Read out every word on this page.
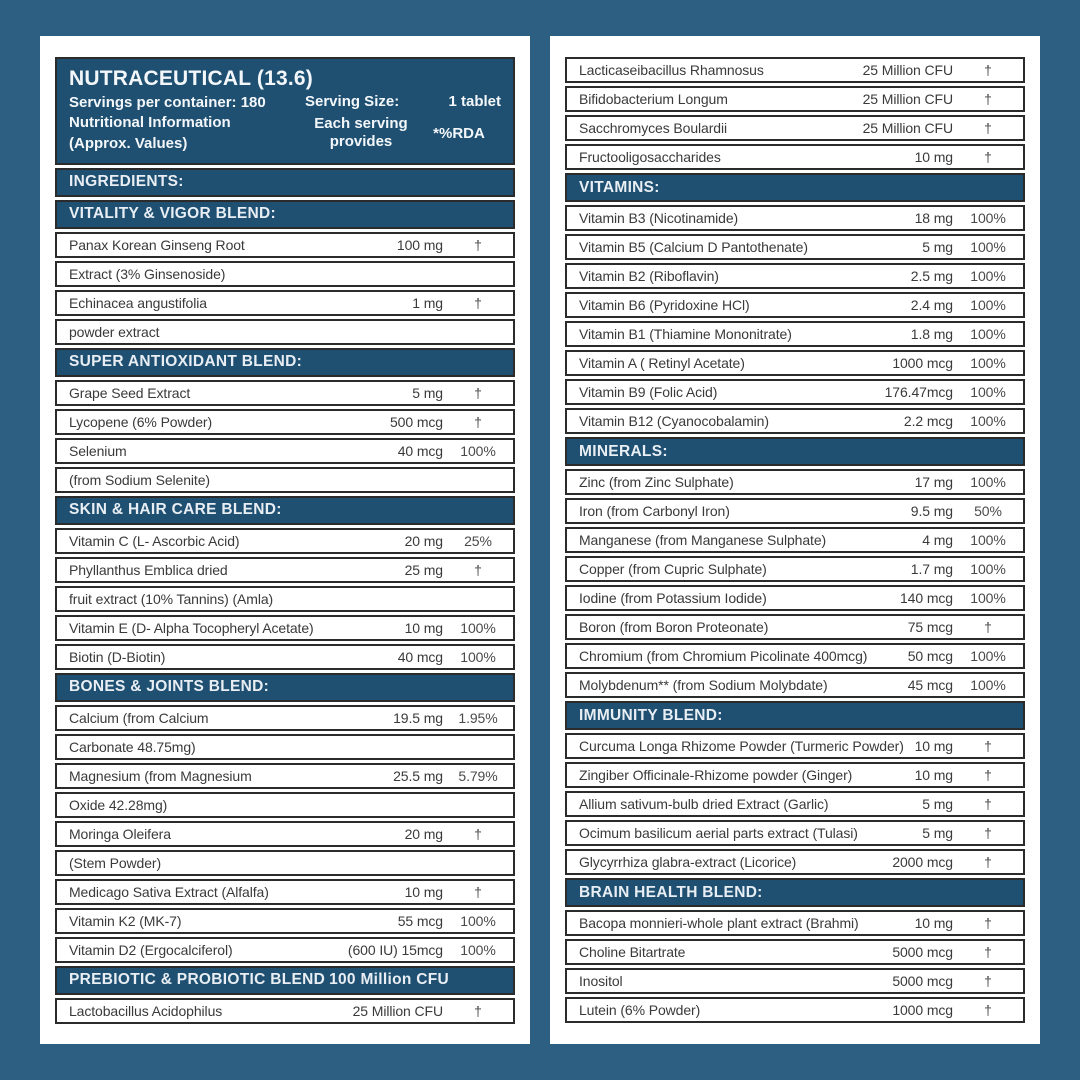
NUTRACEUTICAL (13.6)
Servings per container: 180
Nutritional Information
(Approx. Values)
Serving Size:	1 tablet
Each serving provides	*%RDA
INGREDIENTS:
VITALITY & VIGOR BLEND:
Panax Korean Ginseng Root	100 mg	†
Extract (3% Ginsenoside)
Echinacea angustifolia	1 mg	†
powder extract
SUPER ANTIOXIDANT BLEND:
Grape Seed Extract	5 mg	†
Lycopene (6% Powder)	500 mcg	†
Selenium	40 mcg	100%
(from Sodium Selenite)
SKIN & HAIR CARE BLEND:
Vitamin C (L- Ascorbic Acid)	20 mg	25%
Phyllanthus Emblica dried	25 mg	†
fruit extract (10% Tannins) (Amla)
Vitamin E (D- Alpha Tocopheryl Acetate)	10 mg	100%
Biotin (D-Biotin)	40 mcg	100%
BONES & JOINTS BLEND:
Calcium (from Calcium	19.5 mg	1.95%
Carbonate 48.75mg)
Magnesium (from Magnesium	25.5 mg	5.79%
Oxide 42.28mg)
Moringa Oleifera	20 mg	†
(Stem Powder)
Medicago Sativa Extract (Alfalfa)	10 mg	†
Vitamin K2 (MK-7)	55 mcg	100%
Vitamin D2 (Ergocalciferol)	(600 IU) 15mcg	100%
PREBIOTIC & PROBIOTIC BLEND 100 Million CFU
Lactobacillus Acidophilus	25 Million CFU	†
Lacticaseibacillus Rhamnosus	25 Million CFU	†
Bifidobacterium Longum	25 Million CFU	†
Sacchromyces Boulardii	25 Million CFU	†
Fructooligosaccharides	10 mg	†
VITAMINS:
Vitamin B3 (Nicotinamide)	18 mg	100%
Vitamin B5 (Calcium D Pantothenate)	5 mg	100%
Vitamin B2 (Riboflavin)	2.5 mg	100%
Vitamin B6 (Pyridoxine HCl)	2.4 mg	100%
Vitamin B1 (Thiamine Mononitrate)	1.8 mg	100%
Vitamin A ( Retinyl Acetate)	1000 mcg	100%
Vitamin B9 (Folic Acid)	176.47mcg	100%
Vitamin B12 (Cyanocobalamin)	2.2 mcg	100%
MINERALS:
Zinc (from Zinc Sulphate)	17 mg	100%
Iron (from Carbonyl Iron)	9.5 mg	50%
Manganese (from Manganese Sulphate)	4 mg	100%
Copper (from Cupric Sulphate)	1.7 mg	100%
Iodine (from Potassium Iodide)	140 mcg	100%
Boron (from Boron Proteonate)	75 mcg	†
Chromium (from Chromium Picolinate 400mcg)	50 mcg	100%
Molybdenum** (from Sodium Molybdate)	45 mcg	100%
IMMUNITY BLEND:
Curcuma Longa Rhizome Powder (Turmeric Powder) 10 mg	†
Zingiber Officinale-Rhizome powder (Ginger)	10 mg	†
Allium sativum-bulb dried Extract (Garlic)	5 mg	†
Ocimum basilicum aerial parts extract (Tulasi)	5 mg	†
Glycyrrhiza glabra-extract (Licorice)	2000 mcg	†
BRAIN HEALTH BLEND:
Bacopa monnieri-whole plant extract (Brahmi)	10 mg	†
Choline Bitartrate	5000 mcg	†
Inositol	5000 mcg	†
Lutein (6% Powder)	1000 mcg	†
